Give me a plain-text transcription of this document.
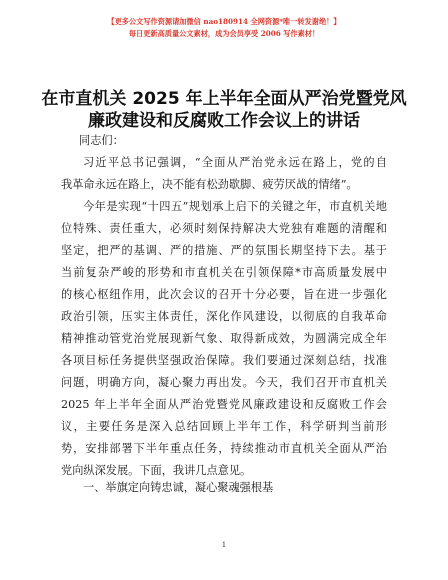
【更多公文写作资源请加微信 nao180914 全网资源*唯一转发谢绝！】
每日更新高质量公文素材，成为会员享受 2006 写作素材！
在市直机关 2025 年上半年全面从严治党暨党风
廉政建设和反腐败工作会议上的讲话
同志们：
习近平总书记强调，“全面从严治党永远在路上，党的自
我革命永远在路上，决不能有松劲歇脚、疲劳厌战的情绪”。
今年是实现“十四五”规划承上启下的关键之年，市直机关地
位特殊、责任重大，必须时刻保持解决大党独有难题的清醒和
坚定，把严的基调、严的措施、严的氛围长期坚持下去。基于
当前复杂严峻的形势和市直机关在引领保障*市高质量发展中
的核心枢纽作用，此次会议的召开十分必要，旨在进一步强化
政治引领，压实主体责任，深化作风建设，以彻底的自我革命
精神推动管党治党展现新气象、取得新成效，为圆满完成全年
各项目标任务提供坚强政治保障。我们要通过深刻总结，找准
问题，明确方向，凝心聚力再出发。今天，我们召开市直机关
2025 年上半年全面从严治党暨党风廉政建设和反腐败工作会
议，主要任务是深入总结回顾上半年工作，科学研判当前形
势，安排部署下半年重点任务，持续推动市直机关全面从严治
党向纵深发展。下面，我讲几点意见。
一、举旗定向铸忠诚，凝心聚魂强根基
1
